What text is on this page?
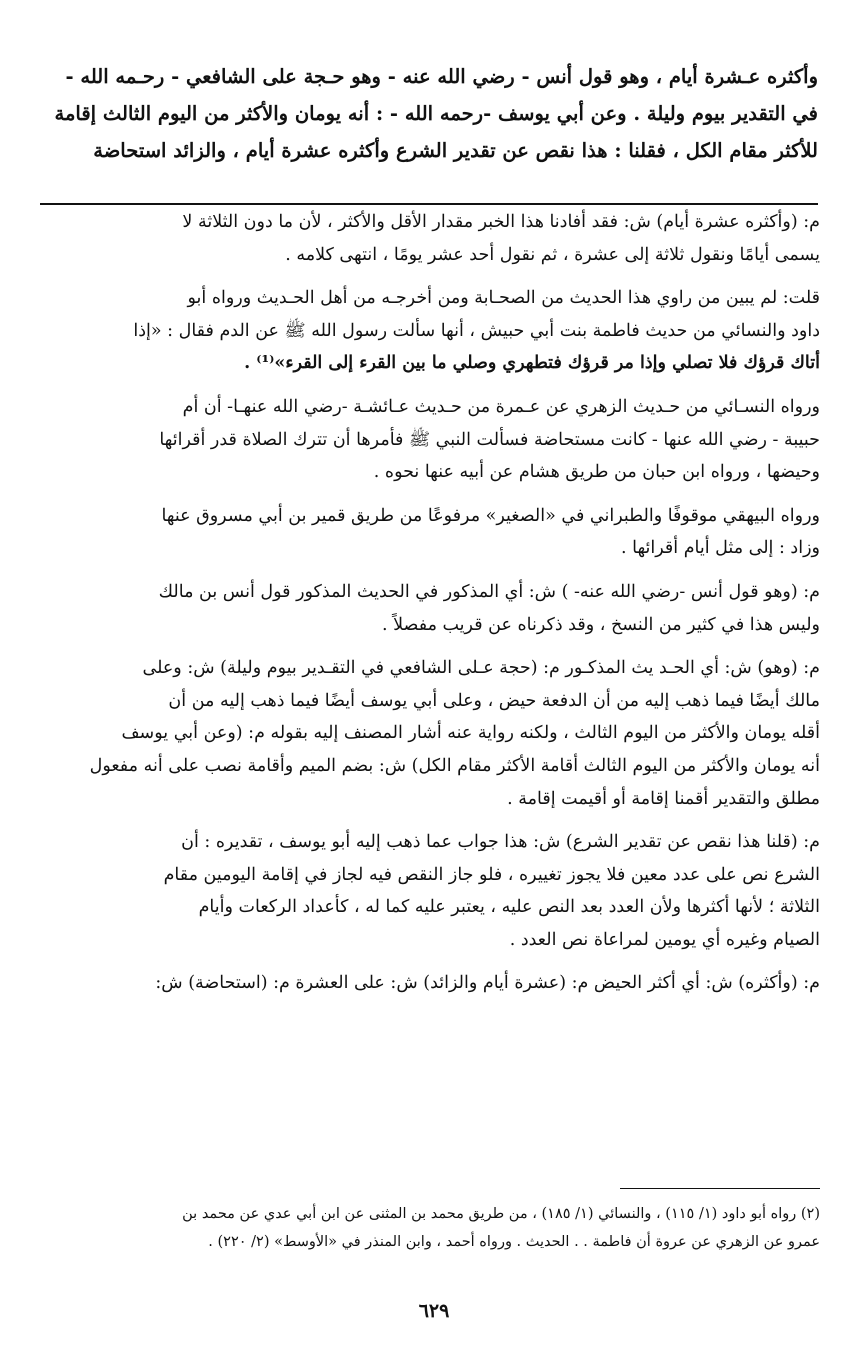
وأكثره عـشرة أيام ، وهو قول أنس - رضي الله عنه - وهو حـجة على الشافعي - رحـمه الله -
في التقدير بيوم وليلة . وعن أبي يوسف -رحمه الله - : أنه يومان والأكثر من اليوم الثالث إقامة
للأكثر مقام الكل ، فقلنا : هذا نقص عن تقدير الشرع وأكثره عشرة أيام ، والزائد استحاضة
م: (وأكثره عشرة أيام) ش: فقد أفادنا هذا الخبر مقدار الأقل والأكثر ، لأن ما دون الثلاثة لا
يسمى أيامًا ونقول ثلاثة إلى عشرة ، ثم نقول أحد عشر يومًا ، انتهى كلامه .
قلت: لم يبين من راوي هذا الحديث من الصحـابة ومن أخرجـه من أهل الحـديث ورواه أبو
داود والنسائي من حديث فاطمة بنت أبي حبيش ، أنها سألت رسول الله ﷺ عن الدم فقال : «إذا
أتاك قرؤك فلا تصلي وإذا مر قرؤك فتطهري وصلي ما بين القرء إلى القرء»⁽¹⁾ .
ورواه النسـائي من حـديث الزهري عن عـمرة من حـديث عـائشـة -رضي الله عنهـا- أن أم
حبيبة - رضي الله عنها - كانت مستحاضة فسألت النبي ﷺ فأمرها أن تترك الصلاة قدر أقرائها
وحيضها ، ورواه ابن حبان من طريق هشام عن أبيه عنها نحوه .
ورواه البيهقي موقوفًا والطبراني في «الصغير» مرفوعًا من طريق قمير بن أبي مسروق عنها
وزاد : إلى مثل أيام أقرائها .
م: (وهو قول أنس -رضي الله عنه- ) ش: أي المذكور في الحديث المذكور قول أنس بن مالك
وليس هذا في كثير من النسخ ، وقد ذكرناه عن قريب مفصلاً .
م: (وهو) ش: أي الحـد يث المذكـور م: (حجة عـلى الشافعي في التقـدير بيوم وليلة) ش: وعلى
مالك أيضًا فيما ذهب إليه من أن الدفعة حيض ، وعلى أبي يوسف أيضًا فيما ذهب إليه من أن
أقله يومان والأكثر من اليوم الثالث ، ولكنه رواية عنه أشار المصنف إليه بقوله م: (وعن أبي يوسف
أنه يومان والأكثر من اليوم الثالث أقامة الأكثر مقام الكل) ش: بضم الميم وأقامة نصب على أنه مفعول
مطلق والتقدير أقمنا إقامة أو أقيمت إقامة .
م: (قلنا هذا نقص عن تقدير الشرع) ش: هذا جواب عما ذهب إليه أبو يوسف ، تقديره : أن
الشرع نص على عدد معين فلا يجوز تغييره ، فلو جاز النقص فيه لجاز في إقامة اليومين مقام
الثلاثة ؛ لأنها أكثرها ولأن العدد بعد النص عليه ، يعتبر عليه كما له ، كأعداد الركعات وأيام
الصيام وغيره أي يومين لمراعاة نص العدد .
م: (وأكثره) ش: أي أكثر الحيض م: (عشرة أيام والزائد) ش: على العشرة م: (استحاضة) ش:
(٢) رواه أبو داود (١/ ١١٥) ، والنسائي (١/ ١٨٥) ، من طريق محمد بن المثنى عن ابن أبي عدي عن محمد بن
عمرو عن الزهري عن عروة أن فاطمة . . الحديث . ورواه أحمد ، وابن المنذر في «الأوسط» (٢/ ٢٢٠) .
٦٢٩
